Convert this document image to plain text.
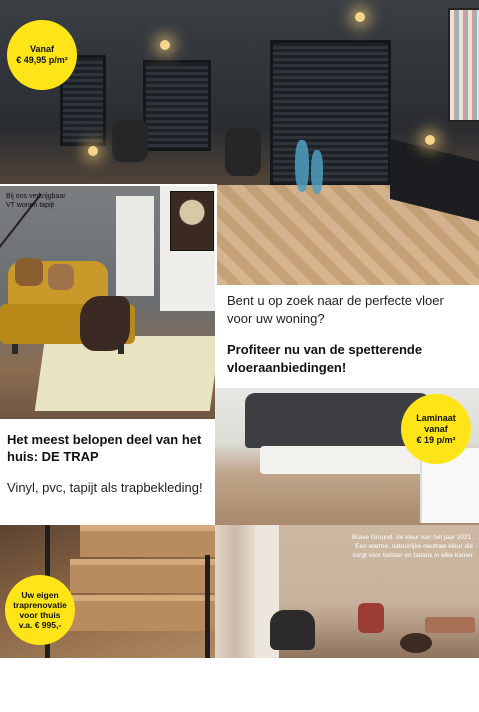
Vanaf
€ 49,95 p/m²
Bij ons verkrijgbaar
VT wonen tapijt
Bent u op zoek naar de perfecte vloer voor uw woning?
Profiteer nu van de spetterende vloeraanbiedingen!
Laminaat
vanaf
€ 19 p/m²
Het meest belopen deel van het huis: DE TRAP
Vinyl, pvc, tapijt als trapbekleding!
Uw eigen
traprenovatie
voor thuis
v.a. € 995,-
Brave Ground, de kleur van het jaar 2021.
Een warme, natuurlijke neutrale kleur die
zorgt voor bolster en balans in elke kamer
